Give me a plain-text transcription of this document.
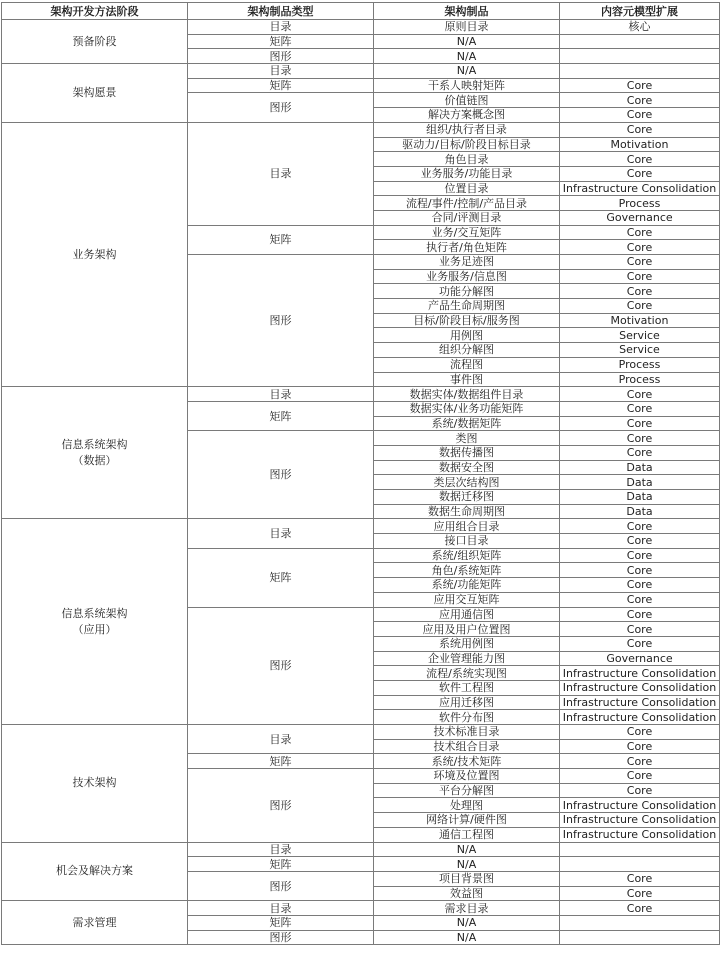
架构开发方法阶段	架构制品类型	架构制品	内容元模型扩展

预备阶段	目录	原则目录	核心
	矩阵	N/A	
	图形	N/A	

架构愿景	目录	N/A	
	矩阵	干系人映射矩阵	Core
	图形	价值链图	Core
		解决方案概念图	Core

业务架构	目录	组织/执行者目录	Core
		驱动力/目标/阶段目标目录	Motivation
		角色目录	Core
		业务服务/功能目录	Core
		位置目录	Infrastructure Consolidation
		流程/事件/控制/产品目录	Process
		合同/评测目录	Governance
	矩阵	业务/交互矩阵	Core
		执行者/角色矩阵	Core
	图形	业务足迹图	Core
		业务服务/信息图	Core
		功能分解图	Core
		产品生命周期图	Core
		目标/阶段目标/服务图	Motivation
		用例图	Service
		组织分解图	Service
		流程图	Process
		事件图	Process

信息系统架构
（数据）	目录	数据实体/数据组件目录	Core
	矩阵	数据实体/业务功能矩阵	Core
		系统/数据矩阵	Core
	图形	类图	Core
		数据传播图	Core
		数据安全图	Data
		类层次结构图	Data
		数据迁移图	Data
		数据生命周期图	Data

信息系统架构
（应用）	目录	应用组合目录	Core
		接口目录	Core
	矩阵	系统/组织矩阵	Core
		角色/系统矩阵	Core
		系统/功能矩阵	Core
		应用交互矩阵	Core
	图形	应用通信图	Core
		应用及用户位置图	Core
		系统用例图	Core
		企业管理能力图	Governance
		流程/系统实现图	Infrastructure Consolidation
		软件工程图	Infrastructure Consolidation
		应用迁移图	Infrastructure Consolidation
		软件分布图	Infrastructure Consolidation

技术架构	目录	技术标准目录	Core
		技术组合目录	Core
	矩阵	系统/技术矩阵	Core
	图形	环境及位置图	Core
		平台分解图	Core
		处理图	Infrastructure Consolidation
		网络计算/硬件图	Infrastructure Consolidation
		通信工程图	Infrastructure Consolidation

机会及解决方案	目录	N/A	
	矩阵	N/A	
	图形	项目背景图	Core
		效益图	Core

需求管理	目录	需求目录	Core
	矩阵	N/A	
	图形	N/A	
